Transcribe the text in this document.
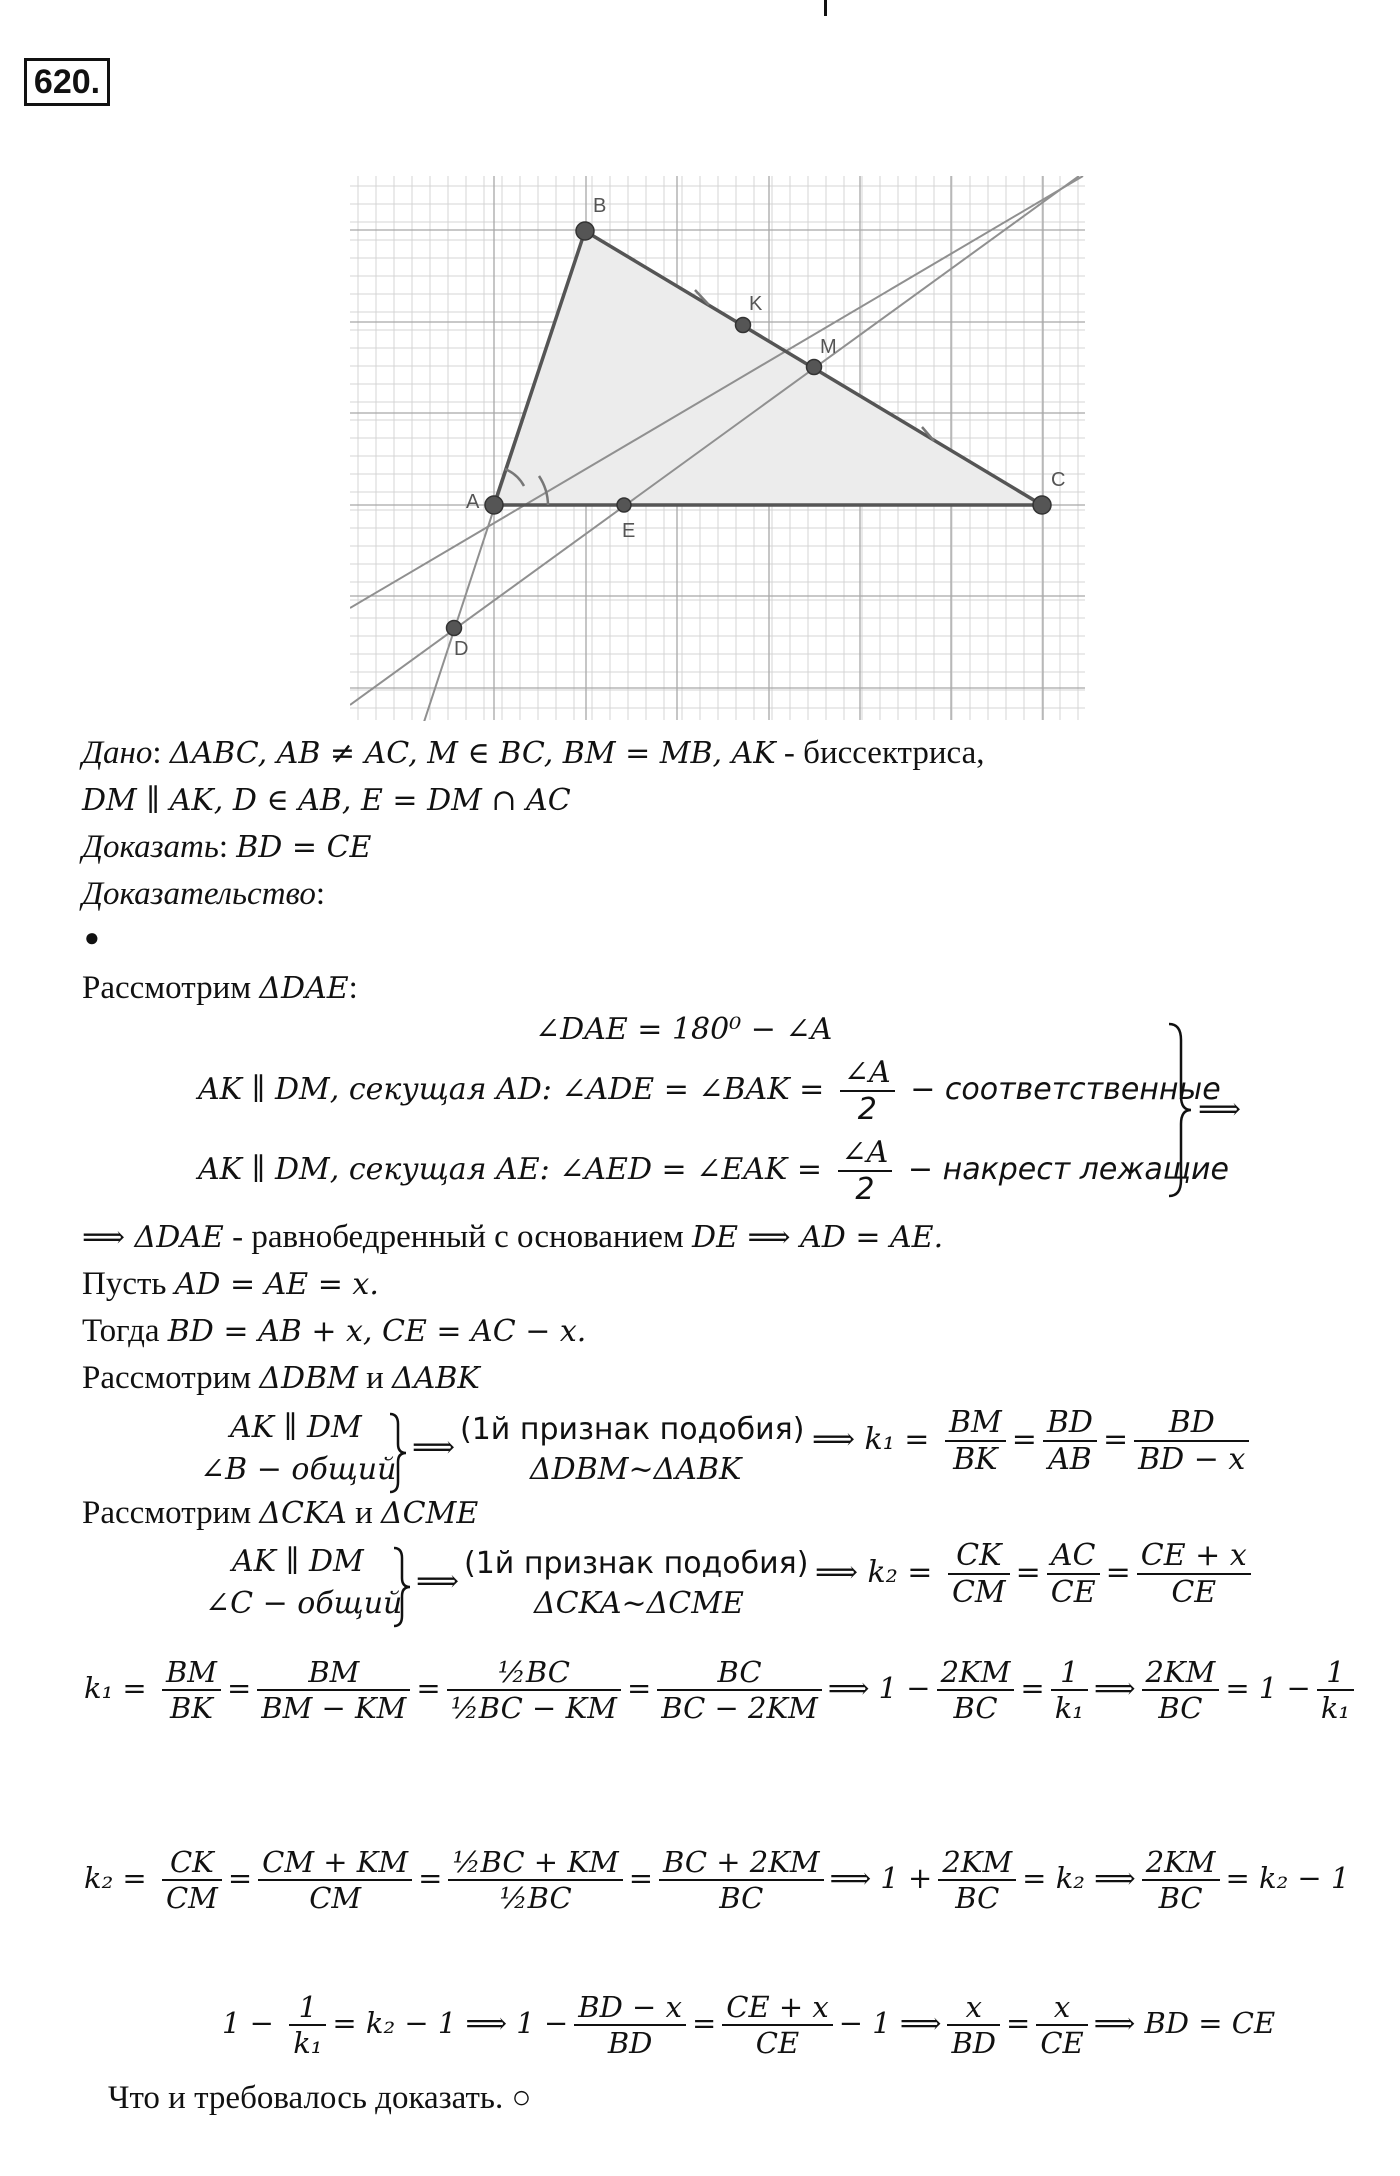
620.
B
K
M
A
C
E
D
Дано: ΔABC, AB ≠ AC, M ∈ BC, BM = MB, AK - биссектриса,
DM ∥ AK, D ∈ AB, E = DM ∩ AC
Доказать: BD = CE
Доказательство:
●
Рассмотрим ΔDAE:
∠DAE = 180⁰ − ∠A
AK ∥ DM, секущая AD: ∠ADE = ∠BAK = $\frac{\angle A}{2}$ − соответственные
AK ∥ DM, секущая AE: ∠AED = ∠EAK = $\frac{\angle A}{2}$ − накрест лежащие
⟹
⟹ ΔDAE - равнобедренный с основанием DE ⟹ AD = AE.
Пусть AD = AE = x.
Тогда BD = AB + x, CE = AC − x.
Рассмотрим ΔDBM и ΔABK
AK ∥ DM
∠B − общий
⟹
(1й признак подобия)
ΔDBM~ΔABK
⟹ $k_1 = \frac{BM}{BK} = \frac{BD}{AB} = \frac{BD}{BD - x}$
Рассмотрим ΔCKA и ΔCME
AK ∥ DM
∠C − общий
⟹
(1й признак подобия)
ΔCKA~ΔCME
⟹ $k_2 = \frac{CK}{CM} = \frac{AC}{CE} = \frac{CE + x}{CE}$
$k_1 = \frac{BM}{BK} = \frac{BM}{BM - KM} = \frac{\text{½BC}}{\text{½BC − KM}} = \frac{BC}{BC - 2KM}$ ⟹ $1 - \frac{2KM}{BC} = \frac{1}{\text{k₁}}$ ⟹ $\frac{2KM}{BC} = 1 - \frac{1}{\text{k₁}}$
$k_2 = \frac{CK}{CM} = \frac{CM + KM}{CM} = \frac{\text{½BC + KM}}{\text{½BC}} = \frac{BC + 2KM}{BC}$ ⟹ $1 + \frac{2KM}{BC} = k_2$ ⟹ $\frac{2KM}{BC} = k_2 - 1$
$1 - \frac{1}{\text{k₁}} = k_2 - 1$ ⟹ $1 - \frac{BD - x}{BD} = \frac{CE + x}{CE} - 1$ ⟹ $\frac{x}{BD} = \frac{x}{CE}$ ⟹ BD = CE
Что и требовалось доказать. ○
